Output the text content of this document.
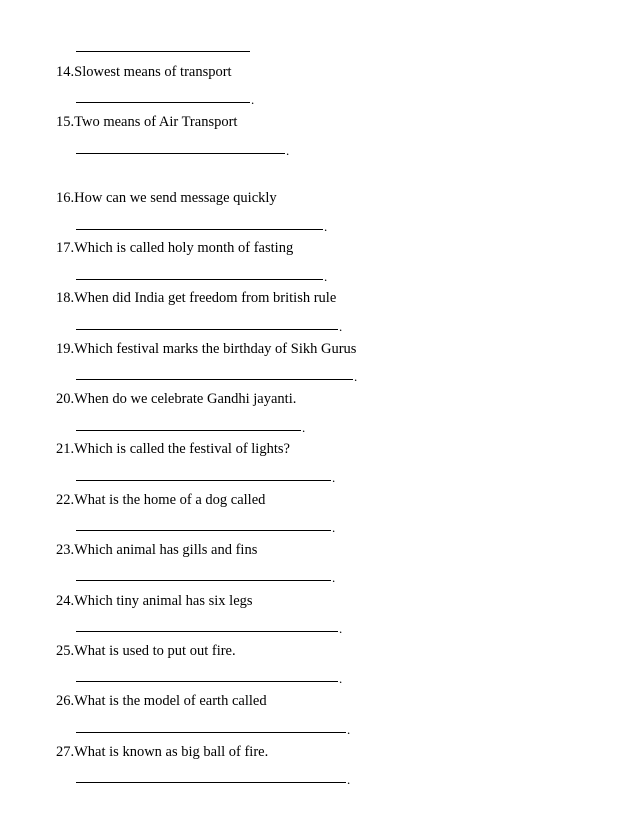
14.Slowest means of transport
.
15.Two means of Air Transport
.
16.How can we send message quickly
.
17.Which is called holy month of fasting
.
18.When did India get freedom from british rule
.
19.Which festival marks the birthday of Sikh Gurus
.
20.When do we celebrate Gandhi jayanti.
.
21.Which is called the festival of lights?
.
22.What is the home of a dog called
.
23.Which animal has gills and fins
.
24.Which tiny animal has six legs
.
25.What is used to put out fire.
.
26.What is the model of earth called
.
27.What is known as big ball of fire.
.
